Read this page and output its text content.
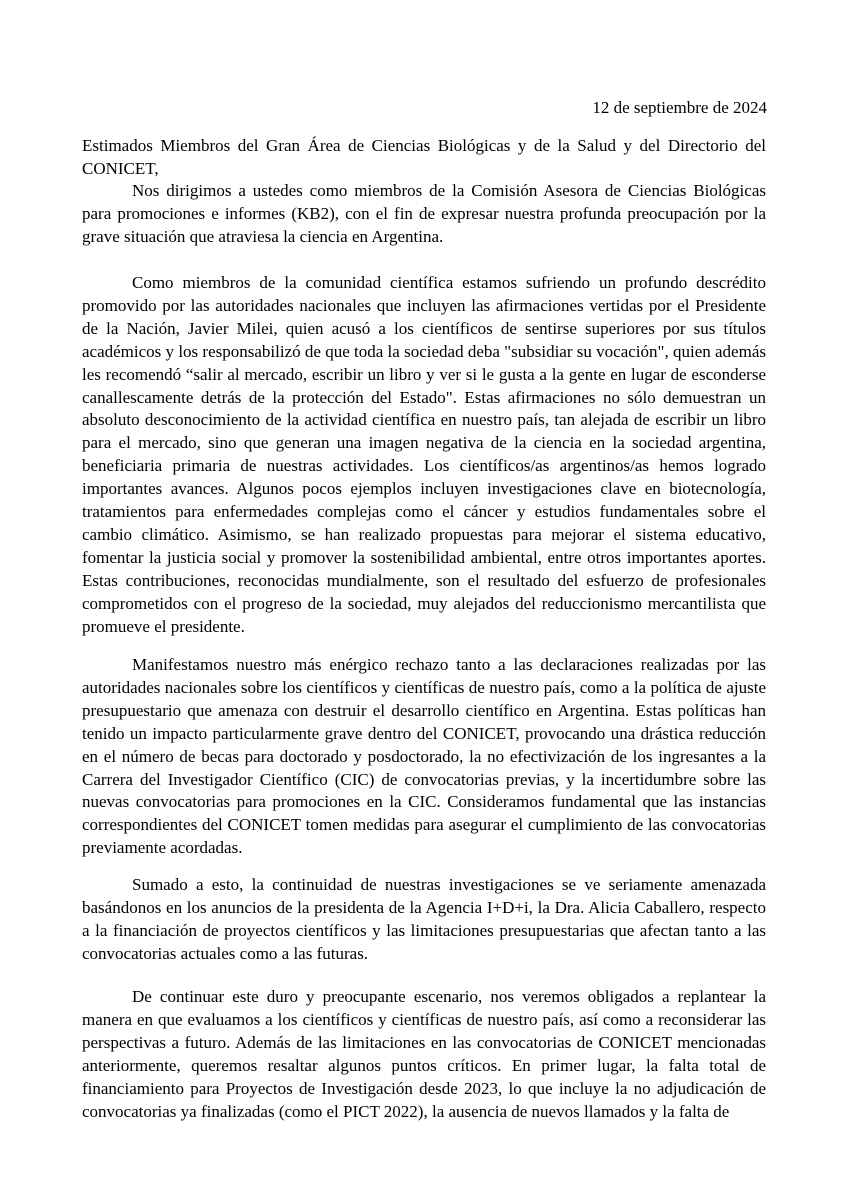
12 de septiembre de 2024

Estimados Miembros del Gran Área de Ciencias Biológicas y de la Salud y del Directorio del CONICET,

Nos dirigimos a ustedes como miembros de la Comisión Asesora de Ciencias Biológicas para promociones e informes (KB2), con el fin de expresar nuestra profunda preocupación por la grave situación que atraviesa la ciencia en Argentina.

Como miembros de la comunidad científica estamos sufriendo un profundo descrédito promovido por las autoridades nacionales que incluyen las afirmaciones vertidas por el Presidente de la Nación, Javier Milei, quien acusó a los científicos de sentirse superiores por sus títulos académicos y los responsabilizó de que toda la sociedad deba "subsidiar su vocación", quien además les recomendó “salir al mercado, escribir un libro y ver si le gusta a la gente en lugar de esconderse canallescamente detrás de la protección del Estado". Estas afirmaciones no sólo demuestran un absoluto desconocimiento de la actividad científica en nuestro país, tan alejada de escribir un libro para el mercado, sino que generan una imagen negativa de la ciencia en la sociedad argentina, beneficiaria primaria de nuestras actividades. Los científicos/as argentinos/as hemos logrado importantes avances. Algunos pocos ejemplos incluyen investigaciones clave en biotecnología, tratamientos para enfermedades complejas como el cáncer y estudios fundamentales sobre el cambio climático. Asimismo, se han realizado propuestas para mejorar el sistema educativo, fomentar la justicia social y promover la sostenibilidad ambiental, entre otros importantes aportes. Estas contribuciones, reconocidas mundialmente, son el resultado del esfuerzo de profesionales comprometidos con el progreso de la sociedad, muy alejados del reduccionismo mercantilista que promueve el presidente.

Manifestamos nuestro más enérgico rechazo tanto a las declaraciones realizadas por las autoridades nacionales sobre los científicos y científicas de nuestro país, como a la política de ajuste presupuestario que amenaza con destruir el desarrollo científico en Argentina. Estas políticas han tenido un impacto particularmente grave dentro del CONICET, provocando una drástica reducción en el número de becas para doctorado y posdoctorado, la no efectivización de los ingresantes a la Carrera del Investigador Científico (CIC) de convocatorias previas, y la incertidumbre sobre las nuevas convocatorias para promociones en la CIC. Consideramos fundamental que las instancias correspondientes del CONICET tomen medidas para asegurar el cumplimiento de las convocatorias previamente acordadas.

Sumado a esto, la continuidad de nuestras investigaciones se ve seriamente amenazada basándonos en los anuncios de la presidenta de la Agencia I+D+i, la Dra. Alicia Caballero, respecto a la financiación de proyectos científicos y las limitaciones presupuestarias que afectan tanto a las convocatorias actuales como a las futuras.

De continuar este duro y preocupante escenario, nos veremos obligados a replantear la manera en que evaluamos a los científicos y científicas de nuestro país, así como a reconsiderar las perspectivas a futuro. Además de las limitaciones en las convocatorias de CONICET mencionadas anteriormente, queremos resaltar algunos puntos críticos. En primer lugar, la falta total de financiamiento para Proyectos de Investigación desde 2023, lo que incluye la no adjudicación de convocatorias ya finalizadas (como el PICT 2022), la ausencia de nuevos llamados y la falta de
